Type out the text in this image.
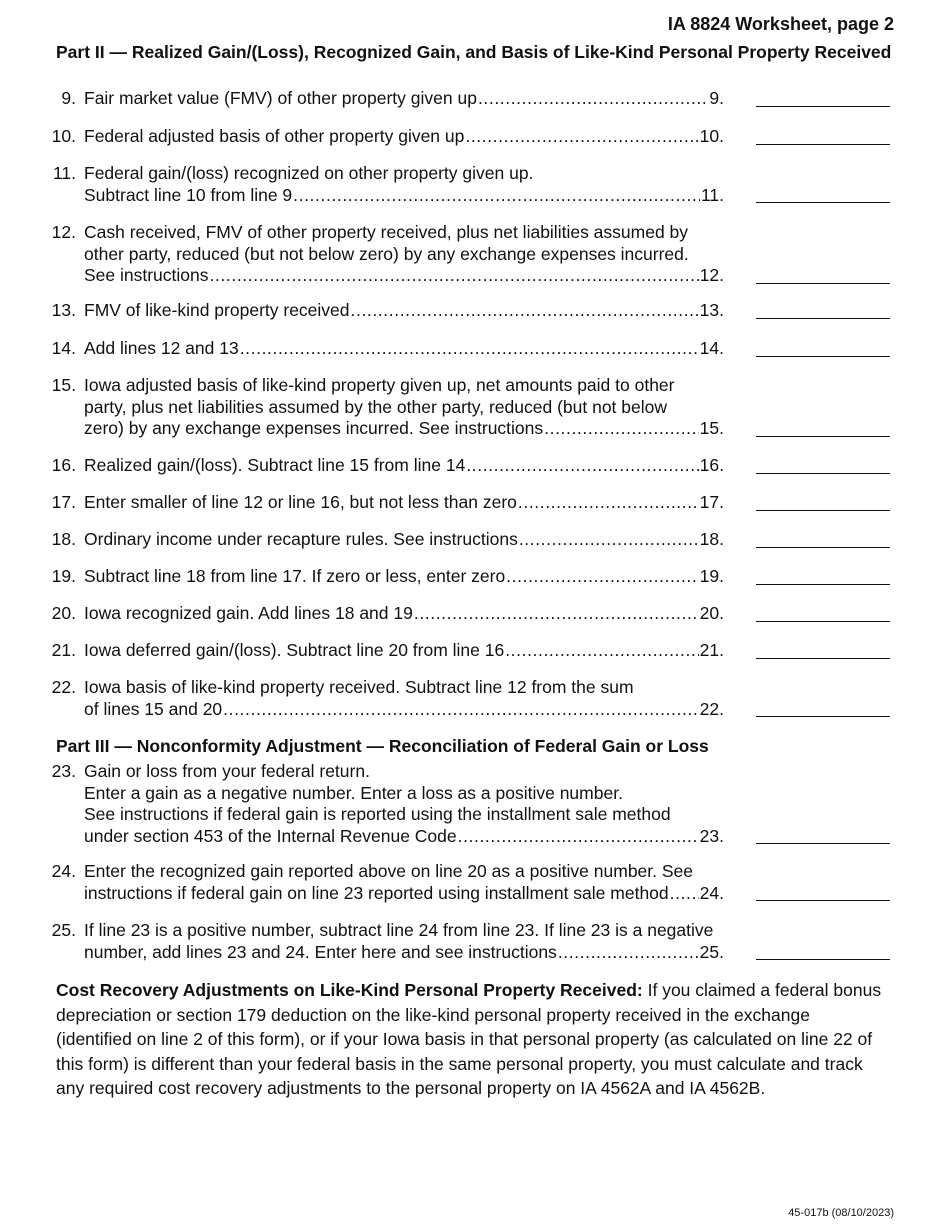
IA 8824 Worksheet, page 2
Part II — Realized Gain/(Loss), Recognized Gain, and Basis of Like-Kind Personal Property Received
9. Fair market value (FMV) of other property given up .....	9.
10. Federal adjusted basis of other property given up .....	10.
11. Federal gain/(loss) recognized on other property given up.
Subtract line 10 from line 9 .....	11.
12. Cash received, FMV of other property received, plus net liabilities assumed by
other party, reduced (but not below zero) by any exchange expenses incurred.
See instructions .....	12.
13. FMV of like-kind property received .....	13.
14. Add lines 12 and 13 .....	14.
15. Iowa adjusted basis of like-kind property given up, net amounts paid to other
party, plus net liabilities assumed by the other party, reduced (but not below
zero) by any exchange expenses incurred. See instructions .....	15.
16. Realized gain/(loss). Subtract line 15 from line 14 .....	16.
17. Enter smaller of line 12 or line 16, but not less than zero .....	17.
18. Ordinary income under recapture rules. See instructions .....	18.
19. Subtract line 18 from line 17. If zero or less, enter zero .....	19.
20. Iowa recognized gain. Add lines 18 and 19 .....	20.
21. Iowa deferred gain/(loss). Subtract line 20 from line 16 .....	21.
22. Iowa basis of like-kind property received. Subtract line 12 from the sum
of lines 15 and 20 .....	22.
23. Gain or loss from your federal return.
Enter a gain as a negative number. Enter a loss as a positive number.
See instructions if federal gain is reported using the installment sale method
under section 453 of the Internal Revenue Code .....	23.
24. Enter the recognized gain reported above on line 20 as a positive number. See
instructions if federal gain on line 23 reported using installment sale method ..... 24.
25. If line 23 is a positive number, subtract line 24 from line 23. If line 23 is a negative
number, add lines 23 and 24. Enter here and see instructions .....	25.
Part III — Nonconformity Adjustment — Reconciliation of Federal Gain or Loss
Cost Recovery Adjustments on Like-Kind Personal Property Received: If you claimed a federal bonus depreciation or section 179 deduction on the like-kind personal property received in the exchange (identified on line 2 of this form), or if your Iowa basis in that personal property (as calculated on line 22 of this form) is different than your federal basis in the same personal property, you must calculate and track any required cost recovery adjustments to the personal property on IA 4562A and IA 4562B.
45-017b (08/10/2023)
